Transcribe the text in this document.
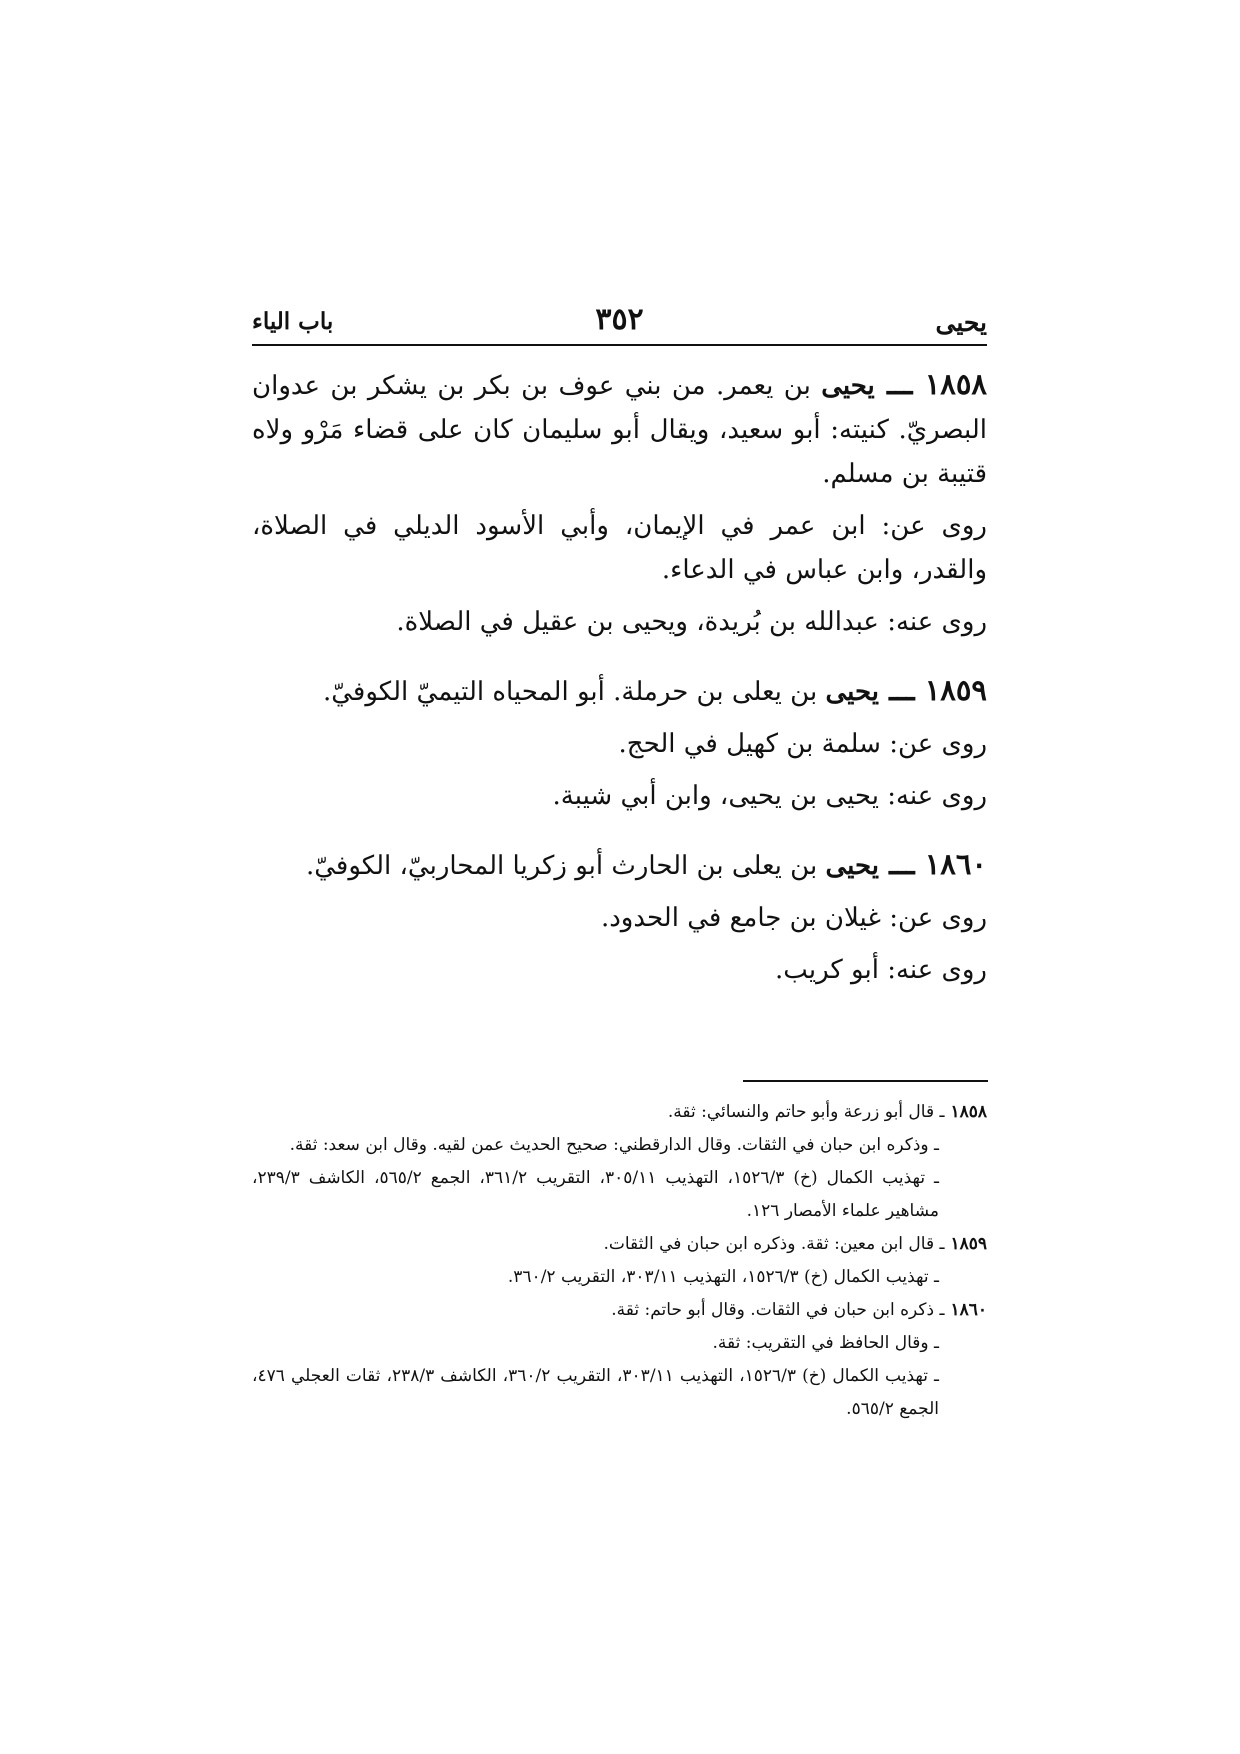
يحيى
٣٥٢
باب الياء

١٨٥٨ ـــ يحيى بن يعمر. من بني عوف بن بكر بن يشكر بن عدوان البصريّ. كنيته: أبو سعيد، ويقال أبو سليمان كان على قضاء مَرْو ولاه قتيبة بن مسلم.

روى عن: ابن عمر في الإيمان، وأبي الأسود الديلي في الصلاة، والقدر، وابن عباس في الدعاء.

روى عنه: عبدالله بن بُريدة، ويحيى بن عقيل في الصلاة.

١٨٥٩ ـــ يحيى بن يعلى بن حرملة. أبو المحياه التيميّ الكوفيّ.

روى عن: سلمة بن كهيل في الحج.

روى عنه: يحيى بن يحيى، وابن أبي شيبة.

١٨٦٠ ـــ يحيى بن يعلى بن الحارث أبو زكريا المحاربيّ، الكوفيّ.

روى عن: غيلان بن جامع في الحدود.

روى عنه: أبو كريب.

١٨٥٨ـ قال أبو زرعة وأبو حاتم والنسائي: ثقة.

ـ وذكره ابن حبان في الثقات. وقال الدارقطني: صحيح الحديث عمن لقيه. وقال ابن سعد: ثقة.

ـ تهذيب الكمال (خ) ١٥٢٦/٣، التهذيب ٣٠٥/١١، التقريب ٣٦١/٢، الجمع ٥٦٥/٢، الكاشف ٢٣٩/٣، مشاهير علماء الأمصار ١٢٦.

١٨٥٩ـ قال ابن معين: ثقة. وذكره ابن حبان في الثقات.

ـ تهذيب الكمال (خ) ١٥٢٦/٣، التهذيب ٣٠٣/١١، التقريب ٣٦٠/٢.

١٨٦٠ـ ذكره ابن حبان في الثقات. وقال أبو حاتم: ثقة.

ـ وقال الحافظ في التقريب: ثقة.

ـ تهذيب الكمال (خ) ١٥٢٦/٣، التهذيب ٣٠٣/١١، التقريب ٣٦٠/٢، الكاشف ٢٣٨/٣، ثقات العجلي ٤٧٦، الجمع ٥٦٥/٢.
